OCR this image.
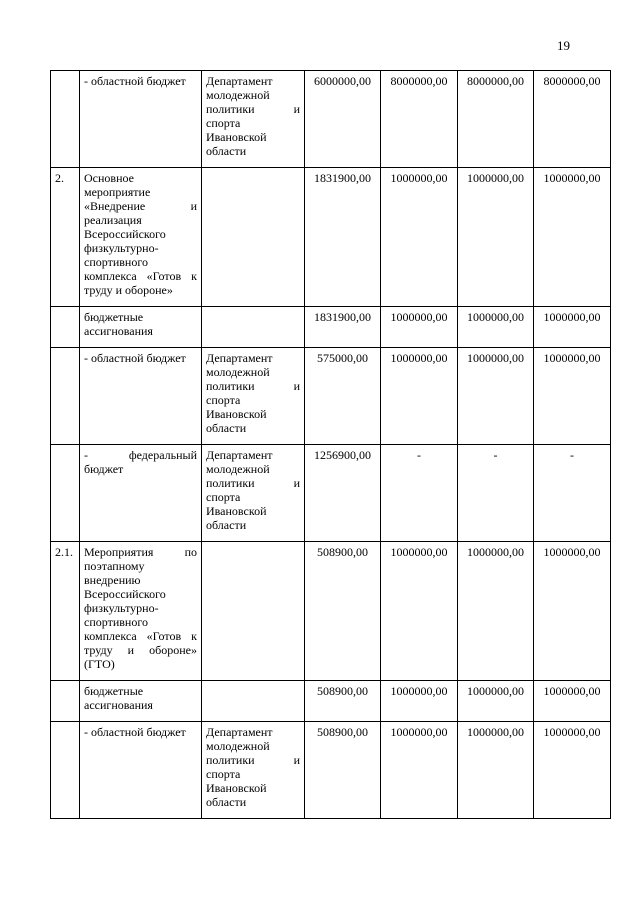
19
	- областной бюджет	Департамент молодежной политики и спорта Ивановской области	6000000,00	8000000,00	8000000,00	8000000,00
2.	Основное мероприятие «Внедрение и реализация Всероссийского физкультурно-спортивного комплекса «Готов к труду и обороне»		1831900,00	1000000,00	1000000,00	1000000,00
	бюджетные ассигнования		1831900,00	1000000,00	1000000,00	1000000,00
	- областной бюджет	Департамент молодежной политики и спорта Ивановской области	575000,00	1000000,00	1000000,00	1000000,00
	- федеральный бюджет	Департамент молодежной политики и спорта Ивановской области	1256900,00	-	-	-
2.1.	Мероприятия по поэтапному внедрению Всероссийского физкультурно-спортивного комплекса «Готов к труду и обороне» (ГТО)		508900,00	1000000,00	1000000,00	1000000,00
	бюджетные ассигнования		508900,00	1000000,00	1000000,00	1000000,00
	- областной бюджет	Департамент молодежной политики и спорта Ивановской области	508900,00	1000000,00	1000000,00	1000000,00
